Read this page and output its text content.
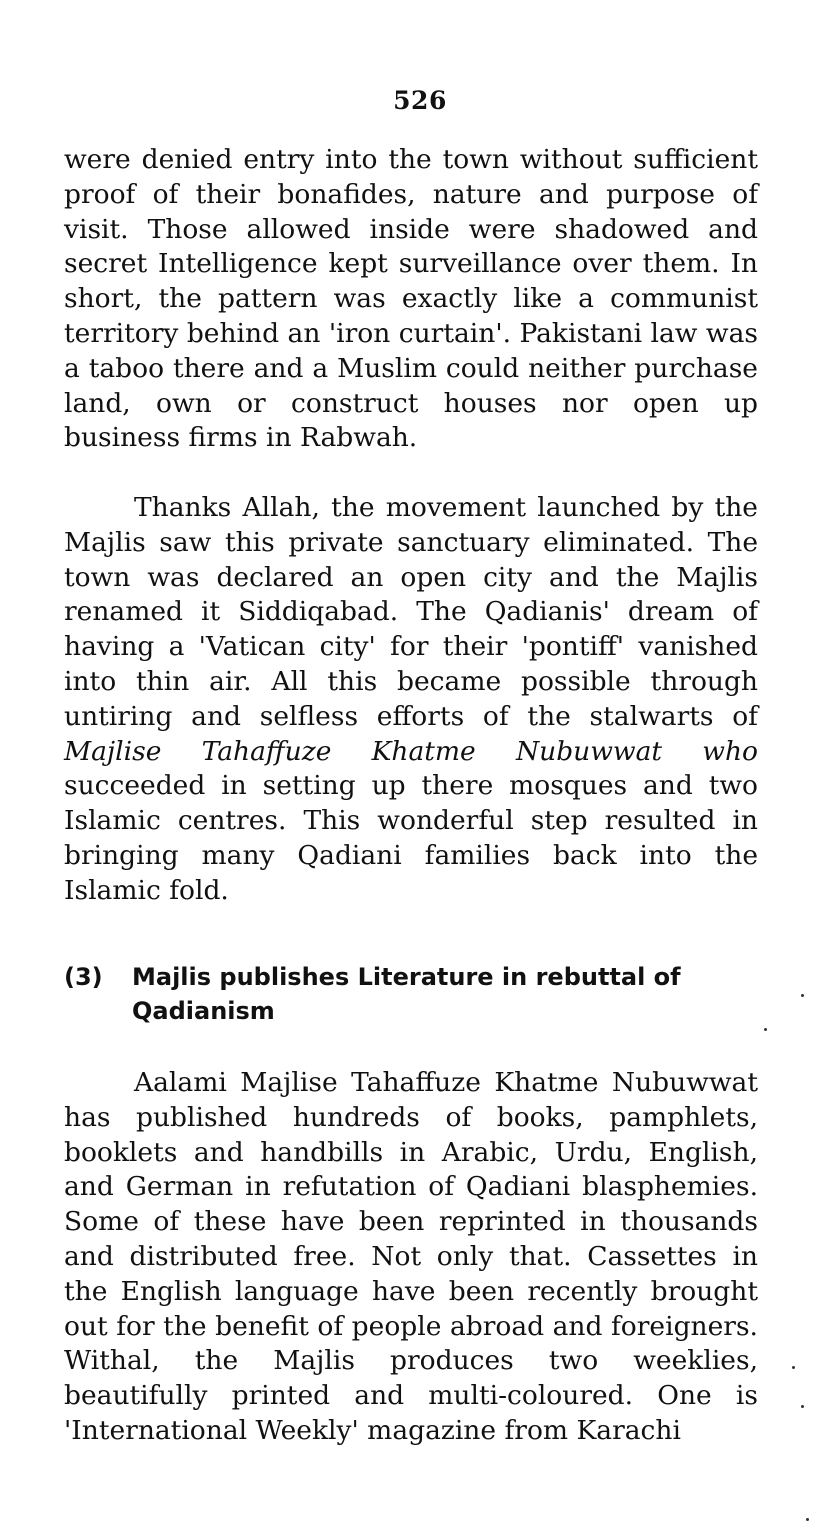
526

were denied entry into the town without sufficient proof of their bonafides, nature and purpose of visit. Those allowed inside were shadowed and secret Intelligence kept surveillance over them. In short, the pattern was exactly like a communist territory behind an 'iron curtain'. Pakistani law was a taboo there and a Muslim could neither purchase land, own or construct houses nor open up business firms in Rabwah.

Thanks Allah, the movement launched by the Majlis saw this private sanctuary eliminated. The town was declared an open city and the Majlis renamed it Siddiqabad. The Qadianis' dream of having a 'Vatican city' for their 'pontiff' vanished into thin air. All this became possible through untiring and selfless efforts of the stalwarts of Majlise Tahaffuze Khatme Nubuwwat who succeeded in setting up there mosques and two Islamic centres. This wonderful step resulted in bringing many Qadiani families back into the Islamic fold.

(3) Majlis publishes Literature in rebuttal of Qadianism

Aalami Majlise Tahaffuze Khatme Nubuwwat has published hundreds of books, pamphlets, booklets and handbills in Arabic, Urdu, English, and German in refutation of Qadiani blasphemies. Some of these have been reprinted in thousands and distributed free. Not only that. Cassettes in the English language have been recently brought out for the benefit of people abroad and foreigners. Withal, the Majlis produces two weeklies, beautifully printed and multi-coloured. One is 'International Weekly' magazine from Karachi
